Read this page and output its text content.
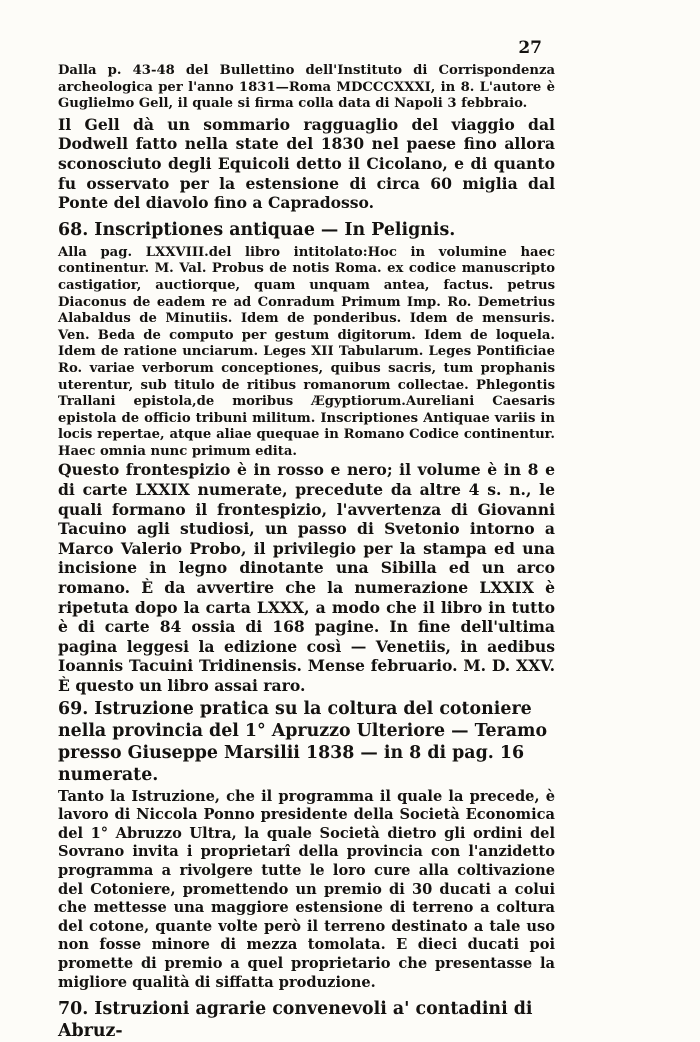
27

Dalla p. 43-48 del Bullettino dell'Instituto di Corrispondenza archeologica per l'anno 1831—Roma MDCCCXXXI, in 8. L'autore è Guglielmo Gell, il quale si firma colla data di Napoli 3 febbraio.

Il Gell dà un sommario ragguaglio del viaggio dal Dodwell fatto nella state del 1830 nel paese fino allora sconosciuto degli Equicoli detto il Cicolano, e di quanto fu osservato per la estensione di circa 60 miglia dal Ponte del diavolo fino a Capradosso.

68. Inscriptiones antiquae — In Pelignis.

Alla pag. LXXVIII.del libro intitolato:Hoc in volumine haec continentur. M. Val. Probus de notis Roma. ex codice manuscripto castigatior, auctiorque, quam unquam antea, factus. petrus Diaconus de eadem re ad Conradum Primum Imp. Ro. Demetrius Alabaldus de Minutiis. Idem de ponderibus. Idem de mensuris. Ven. Beda de computo per gestum digitorum. Idem de loquela. Idem de ratione unciarum. Leges XII Tabularum. Leges Pontificiae Ro. variae verborum conceptiones, quibus sacris, tum prophanis uterentur, sub titulo de ritibus romanorum collectae. Phlegontis Trallani epistola,de moribus Ægyptiorum.Aureliani Caesaris epistola de officio tribuni militum. Inscriptiones Antiquae variis in locis repertae, atque aliae quequae in Romano Codice continentur. Haec omnia nunc primum edita.

Questo frontespizio è in rosso e nero; il volume è in 8 e di carte LXXIX numerate, precedute da altre 4 s. n., le quali formano il frontespizio, l'avvertenza di Giovanni Tacuino agli studiosi, un passo di Svetonio intorno a Marco Valerio Probo, il privilegio per la stampa ed una incisione in legno dinotante una Sibilla ed un arco romano. È da avvertire che la numerazione LXXIX è ripetuta dopo la carta LXXX, a modo che il libro in tutto è di carte 84 ossia di 168 pagine. In fine dell'ultima pagina leggesi la edizione così — Venetiis, in aedibus Ioannis Tacuini Tridinensis. Mense februario. M. D. XXV. È questo un libro assai raro.

69. Istruzione pratica su la coltura del cotoniere nella provincia del 1° Apruzzo Ulteriore — Teramo presso Giuseppe Marsilii 1838 — in 8 di pag. 16 numerate.

Tanto la Istruzione, che il programma il quale la precede, è lavoro di Niccola Ponno presidente della Società Economica del 1° Abruzzo Ultra, la quale Società dietro gli ordini del Sovrano invita i proprietarî della provincia con l'anzidetto programma a rivolgere tutte le loro cure alla coltivazione del Cotoniere, promettendo un premio di 30 ducati a colui che mettesse una maggiore estensione di terreno a coltura del cotone, quante volte però il terreno destinato a tale uso non fosse minore di mezza tomolata. E dieci ducati poi promette di premio a quel proprietario che presentasse la migliore qualità di siffatta produzione.

70. Istruzioni agrarie convenevoli a' contadini di Abruz-
